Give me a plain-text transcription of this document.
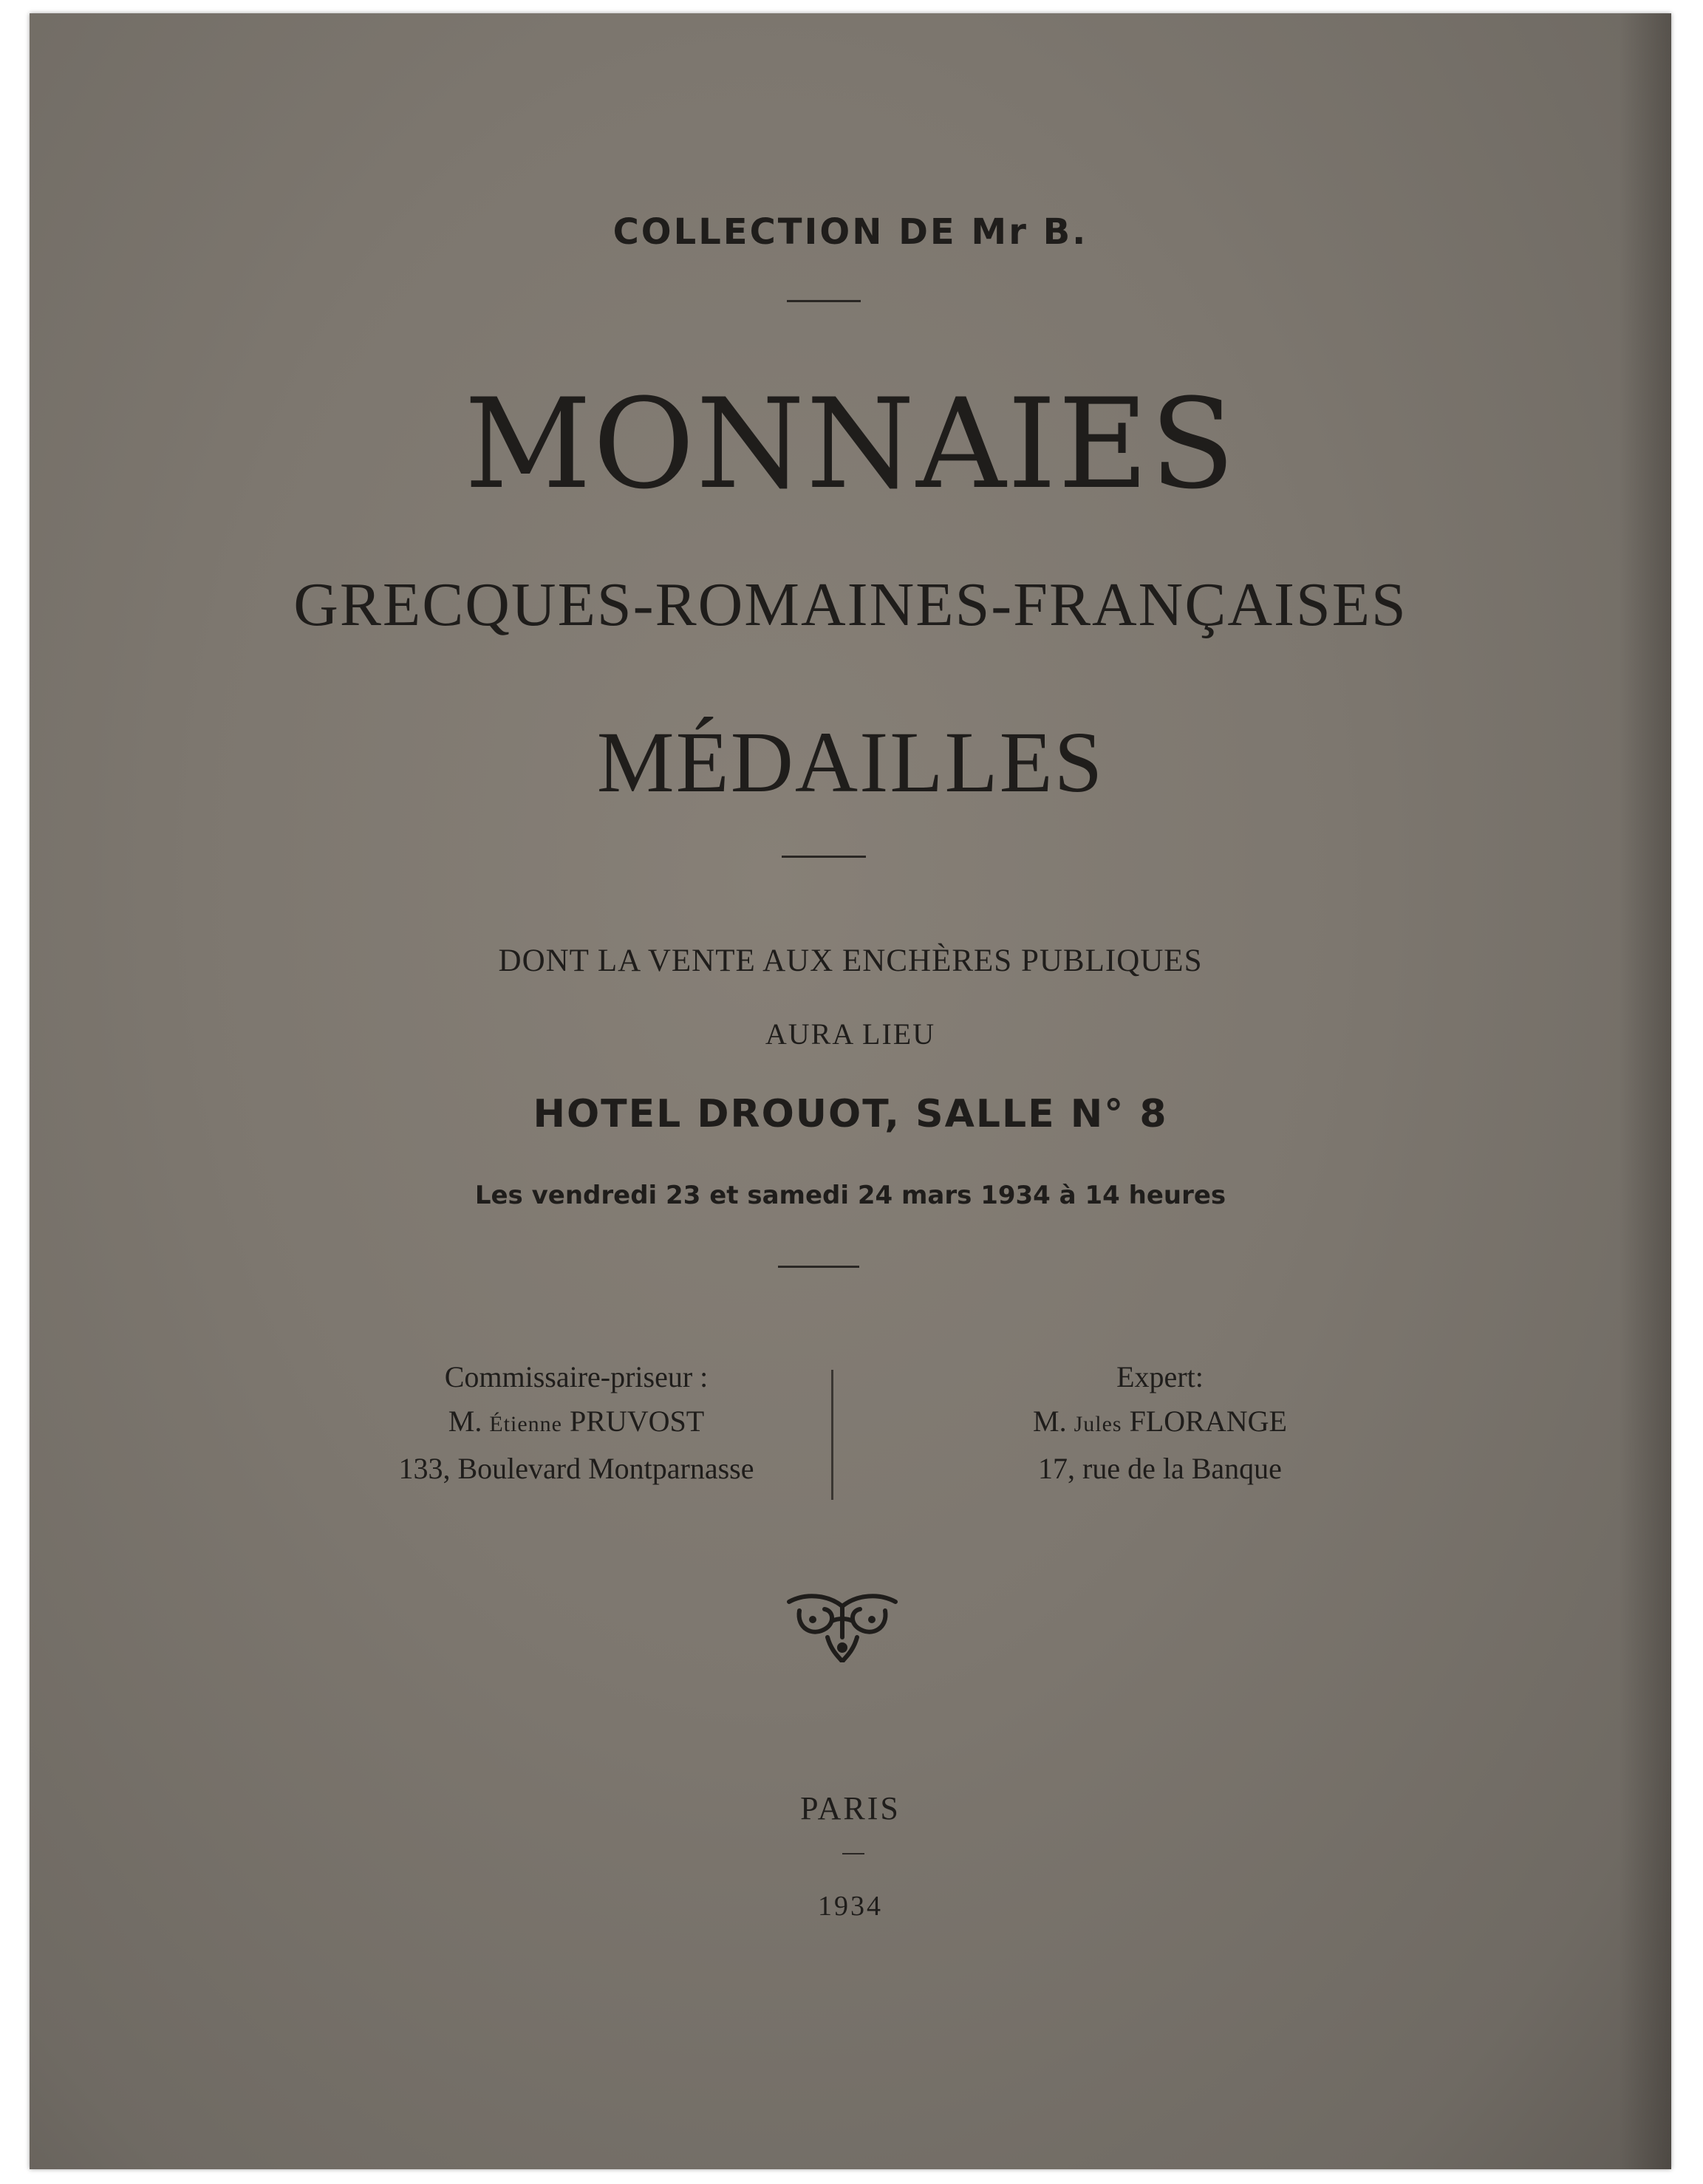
COLLECTION DE Mr B.
MONNAIES
GRECQUES-ROMAINES-FRANÇAISES
MÉDAILLES
DONT LA VENTE AUX ENCHÈRES PUBLIQUES
AURA LIEU
HOTEL DROUOT, SALLE N° 8
Les vendredi 23 et samedi 24 mars 1934 à 14 heures
Commissaire-priseur :
M. Étienne PRUVOST
133, Boulevard Montparnasse
Expert:
M. Jules FLORANGE
17, rue de la Banque
PARIS
1934
